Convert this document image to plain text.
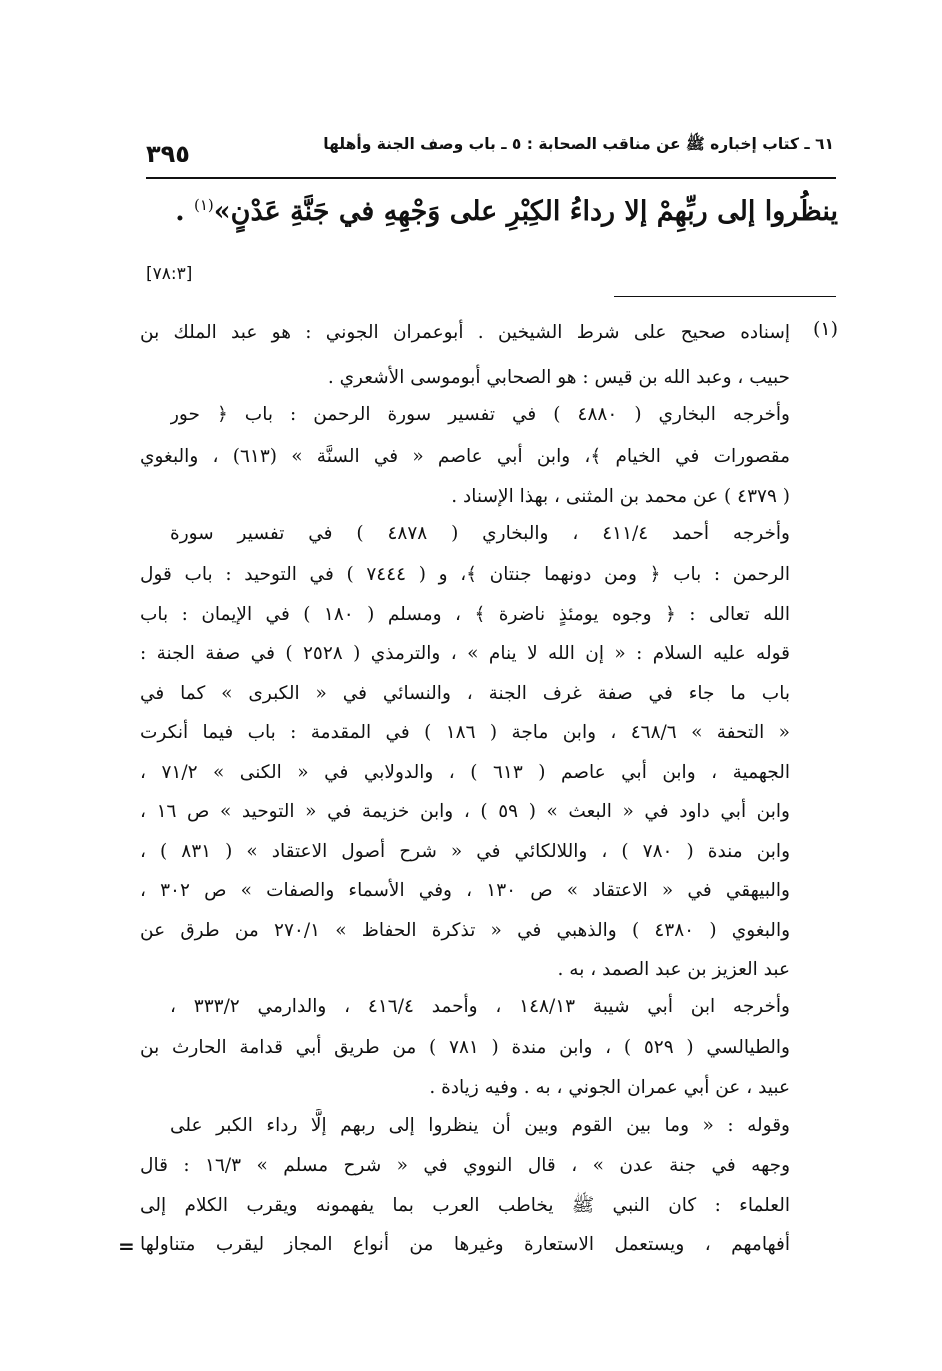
٦١ ـ كتاب إخباره ﷺ عن مناقب الصحابة : ٥ ـ باب وصف الجنة وأهلها
٣٩٥
ينظُروا إلى ربِّهِمْ إلا رداءُ الكِبْرِ على وَجْهِهِ في جَنَّةِ عَدْنٍ»$^{(١)}$ .
[٧٨:٣]
(١)
إسناده صحيح على شرط الشيخين . أبوعمران الجوني : هو عبد الملك بن
حبيب ، وعبد الله بن قيس : هو الصحابي أبوموسى الأشعري .
وأخرجه البخاري ( ٤٨٨٠ ) في تفسير سورة الرحمن : باب ﴿ حور
مقصورات في الخيام ﴾، وابن أبي عاصم « في السنَّة » (٦١٣) ، والبغوي
( ٤٣٧٩ ) عن محمد بن المثنى ، بهذا الإسناد .
وأخرجه أحمد ٤١١/٤ ، والبخاري ( ٤٨٧٨ ) في تفسير سورة
الرحمن : باب ﴿ ومن دونهما جنتان ﴾، و ( ٧٤٤٤ ) في التوحيد : باب قول
الله تعالى : ﴿ وجوه يومئذٍ ناضرة ﴾ ، ومسلم ( ١٨٠ ) في الإيمان : باب
قوله عليه السلام : « إن الله لا ينام » ، والترمذي ( ٢٥٢٨ ) في صفة الجنة :
باب ما جاء في صفة غرف الجنة ، والنسائي في « الكبرى » كما في
« التحفة » ٤٦٨/٦ ، وابن ماجة ( ١٨٦ ) في المقدمة : باب فيما أنكرت
الجهمية ، وابن أبي عاصم ( ٦١٣ ) ، والدولابي في « الكنى » ٧١/٢ ،
وابن أبي داود في « البعث » ( ٥٩ ) ، وابن خزيمة في « التوحيد » ص ١٦ ،
وابن مندة ( ٧٨٠ ) ، واللالكائي في « شرح أصول الاعتقاد » ( ٨٣١ ) ،
والبيهقي في « الاعتقاد » ص ١٣٠ ، وفي الأسماء والصفات » ص ٣٠٢ ،
والبغوي ( ٤٣٨٠ ) والذهبي في « تذكرة الحفاظ » ٢٧٠/١ من طرق عن
عبد العزيز بن عبد الصمد ، به .
وأخرجه ابن أبي شيبة ١٤٨/١٣ ، وأحمد ٤١٦/٤ ، والدارمي ٣٣٣/٢ ،
والطيالسي ( ٥٢٩ ) ، وابن مندة ( ٧٨١ ) من طريق أبي قدامة الحارث بن
عبيد ، عن أبي عمران الجوني ، به . وفيه زيادة .
وقوله : « وما بين القوم وبين أن ينظروا إلى ربهم إلَّا رداء الكبر على
وجهه في جنة عدن » ، قال النووي في « شرح مسلم » ١٦/٣ : قال
العلماء : كان النبي ﷺ يخاطب العرب بما يفهمونه ويقرب الكلام إلى
أفهامهم ، ويستعمل الاستعارة وغيرها من أنواع المجاز ليقرب متناولها
=
